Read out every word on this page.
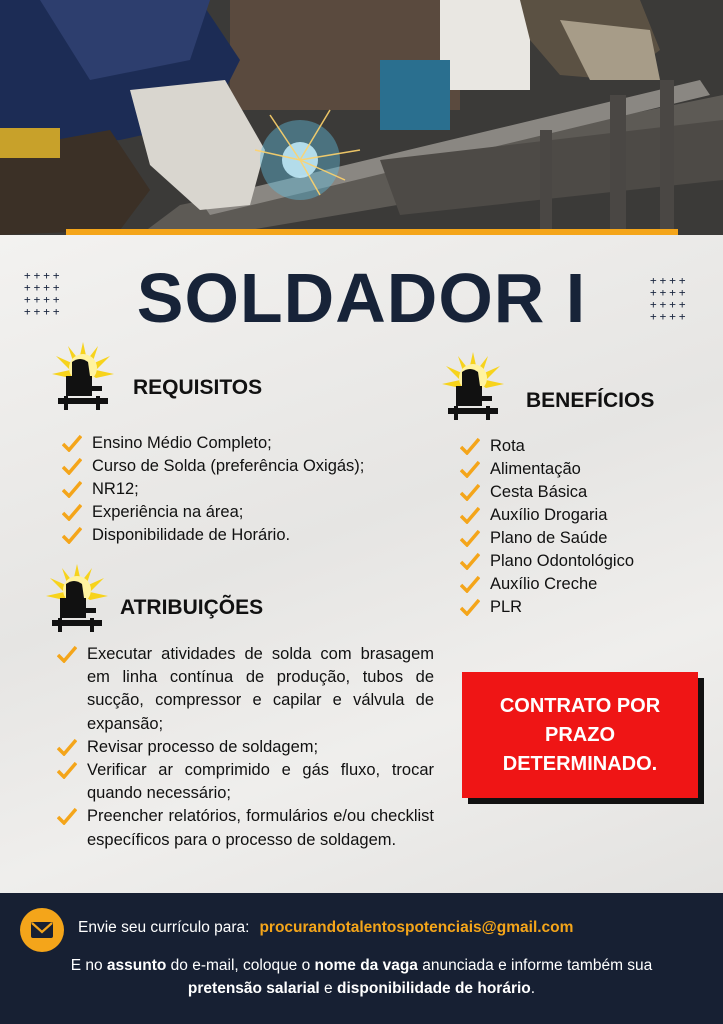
++++
++++
++++
++++
++++
++++
++++
++++
SOLDADOR I
REQUISITOS
Ensino Médio Completo;
Curso de Solda (preferência Oxigás);
NR12;
Experiência na área;
Disponibilidade de Horário.
BENEFÍCIOS
Rota
Alimentação
Cesta Básica
Auxílio Drogaria
Plano de Saúde
Plano Odontológico
Auxílio Creche
PLR
ATRIBUIÇÕES
Executar atividades de solda com brasagem em linha contínua de produção, tubos de sucção, compressor e capilar e válvula de expansão;
Revisar processo de soldagem;
Verificar ar comprimido e gás fluxo, trocar quando necessário;
Preencher relatórios, formulários e/ou checklist específicos para o processo de soldagem.
CONTRATO POR
PRAZO
DETERMINADO.
Envie seu currículo para: procurandotalentospotenciais@gmail.com
E no assunto do e-mail, coloque o nome da vaga anunciada e informe também sua pretensão salarial e disponibilidade de horário.
